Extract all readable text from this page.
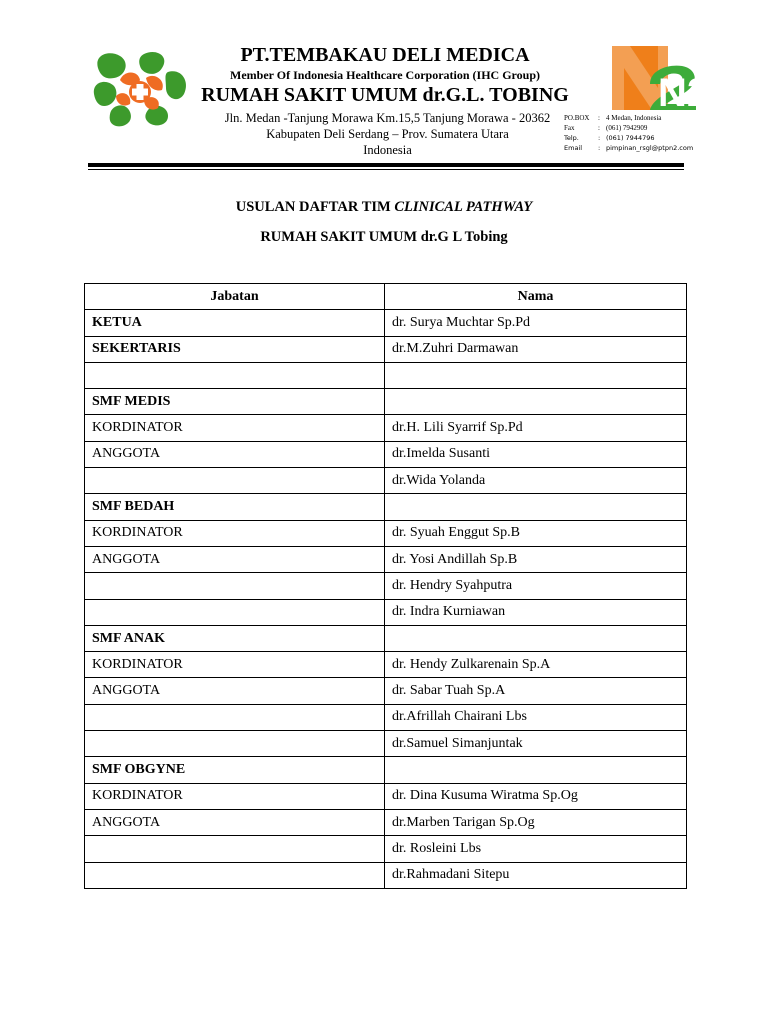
PT.TEMBAKAU DELI MEDICA
Member Of Indonesia Healthcare Corporation (IHC Group)
RUMAH SAKIT UMUM dr.G.L. TOBING
Jln. Medan -Tanjung Morawa Km.15,5 Tanjung Morawa - 20362
Kabupaten Deli Serdang – Prov. Sumatera Utara
Indonesia
N2
PO.BOX	: 4 Medan, Indonesia
Fax	: (061) 7942909
Telp.	: (061) 7944796
Email	: pimpinan_rsgl@ptpn2.com
USULAN DAFTAR TIM CLINICAL PATHWAY
RUMAH SAKIT UMUM dr.G L Tobing
Jabatan	Nama
KETUA	dr. Surya Muchtar Sp.Pd
SEKERTARIS	dr.M.Zuhri Darmawan

SMF MEDIS	
KORDINATOR	dr.H. Lili Syarrif Sp.Pd
ANGGOTA	dr.Imelda Susanti
	dr.Wida Yolanda
SMF BEDAH	
KORDINATOR	dr. Syuah Enggut Sp.B
ANGGOTA	dr. Yosi Andillah Sp.B
	dr. Hendry Syahputra
	dr. Indra Kurniawan
SMF ANAK	
KORDINATOR	dr. Hendy Zulkarenain Sp.A
ANGGOTA	dr. Sabar Tuah Sp.A
	dr.Afrillah Chairani Lbs
	dr.Samuel Simanjuntak
SMF OBGYNE	
KORDINATOR	dr. Dina Kusuma Wiratma Sp.Og
ANGGOTA	dr.Marben Tarigan Sp.Og
	dr. Rosleini Lbs
	dr.Rahmadani Sitepu
